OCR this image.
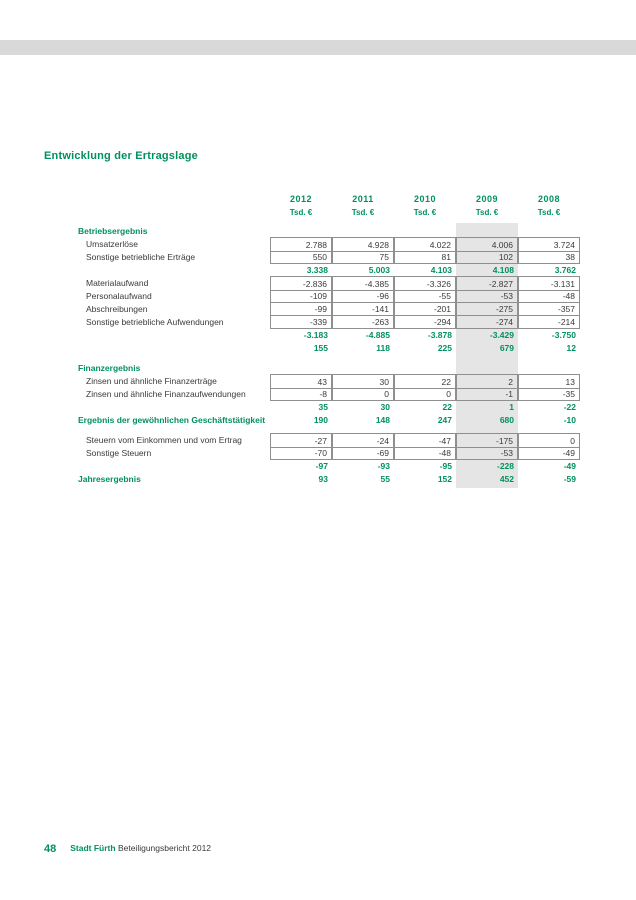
Entwicklung der Ertragslage
2012	2011	2010	2009	2008
Tsd. €	Tsd. €	Tsd. €	Tsd. €	Tsd. €
Betriebsergebnis
Umsatzerlöse	2.788	4.928	4.022	4.006	3.724
Sonstige betriebliche Erträge	550	75	81	102	38
3.338	5.003	4.103	4.108	3.762
Materialaufwand	-2.836	-4.385	-3.326	-2.827	-3.131
Personalaufwand	-109	-96	-55	-53	-48
Abschreibungen	-99	-141	-201	-275	-357
Sonstige betriebliche Aufwendungen	-339	-263	-294	-274	-214
-3.183	-4.885	-3.878	-3.429	-3.750
155	118	225	679	12
Finanzergebnis
Zinsen und ähnliche Finanzerträge	43	30	22	2	13
Zinsen und ähnliche Finanzaufwendungen	-8	0	0	-1	-35
35	30	22	1	-22
Ergebnis der gewöhnlichen Geschäftstätigkeit	190	148	247	680	-10
Steuern vom Einkommen und vom Ertrag	-27	-24	-47	-175	0
Sonstige Steuern	-70	-69	-48	-53	-49
-97	-93	-95	-228	-49
Jahresergebnis	93	55	152	452	-59
48 Stadt Fürth Beteiligungsbericht 2012
